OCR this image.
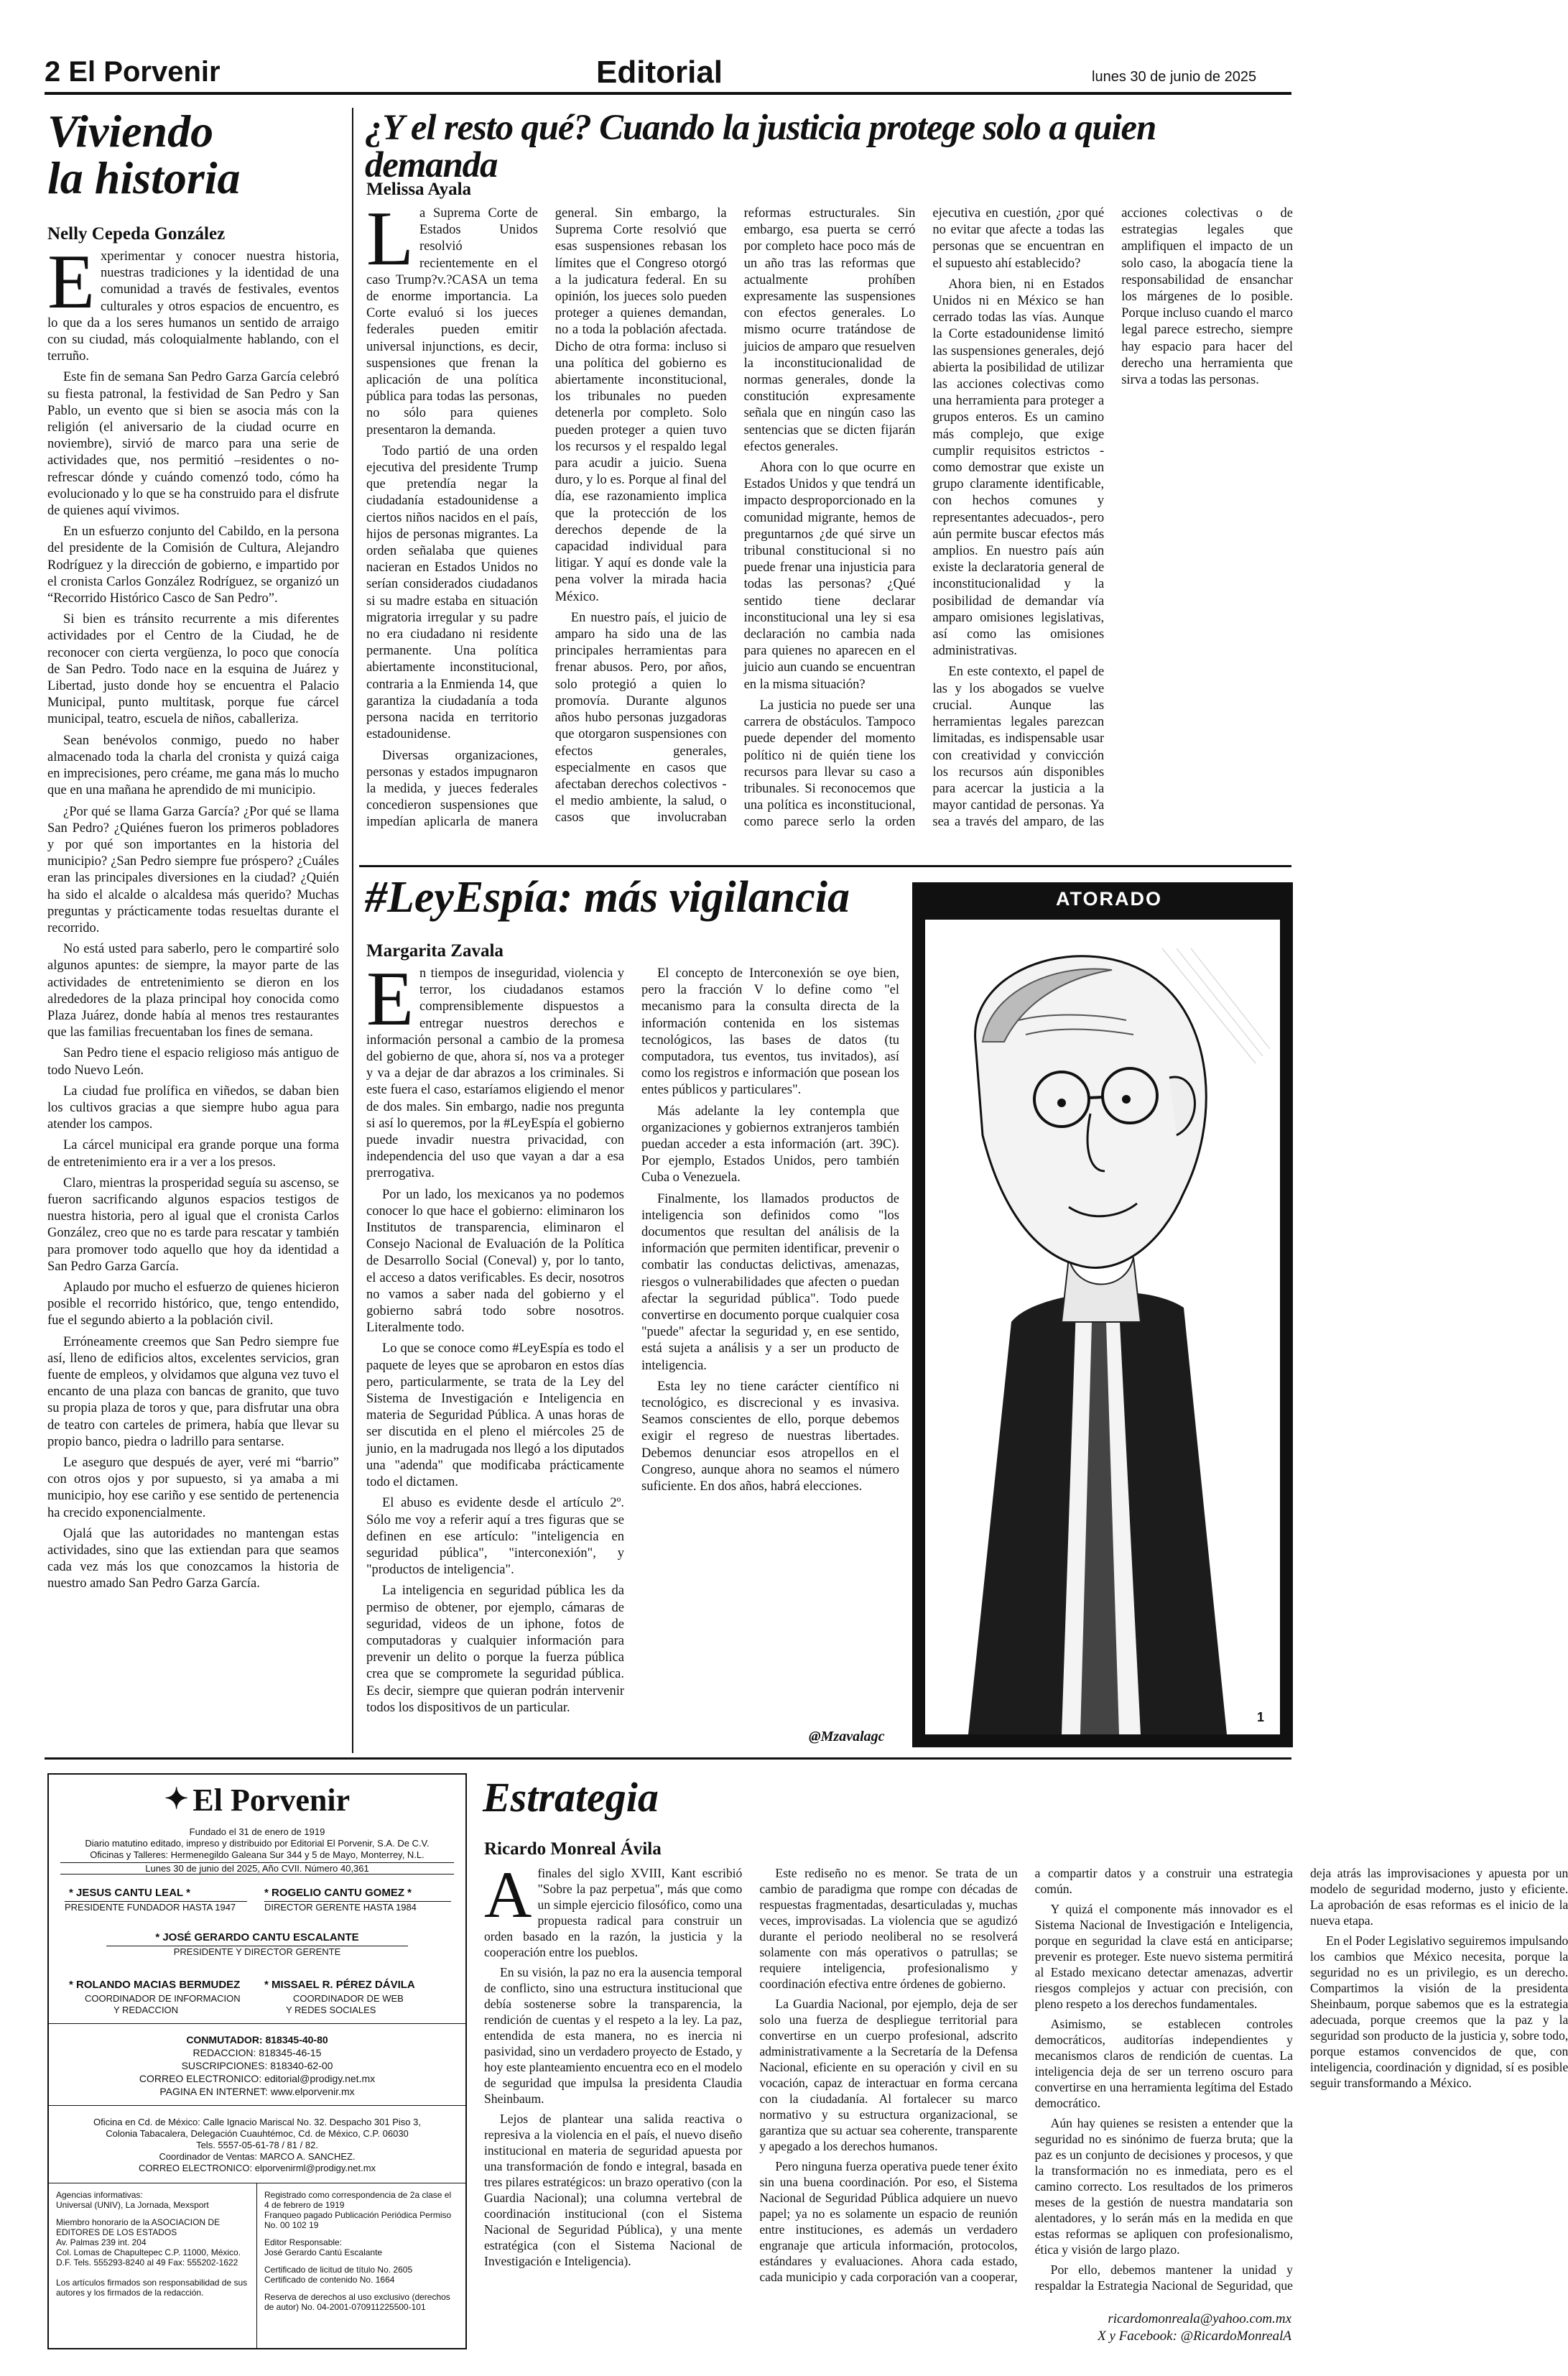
2 El Porvenir	Editorial	lunes 30 de junio de 2025
Viviendo
la historia
Nelly Cepeda González
E xperimentar y conocer nuestra historia, nuestras tradiciones y la identidad de una comunidad a través de festivales, eventos culturales y otros espacios de encuentro, es lo que da a los seres humanos un sentido de arraigo con su ciudad, más coloquialmente hablando, con el terruño.

Este fin de semana San Pedro Garza García celebró su fiesta patronal, la festividad de San Pedro y San Pablo, un evento que si bien se asocia más con la religión (el aniversario de la ciudad ocurre en noviembre), sirvió de marco para una serie de actividades que, nos permitió –residentes o no-refrescar dónde y cuándo comenzó todo, cómo ha evolucionado y lo que se ha construido para el disfrute de quienes aquí vivimos.

En un esfuerzo conjunto del Cabildo, en la persona del presidente de la Comisión de Cultura, Alejandro Rodríguez y la dirección de gobierno, e impartido por el cronista Carlos González Rodríguez, se organizó un “Recorrido Histórico Casco de San Pedro”.

Si bien es tránsito recurrente a mis diferentes actividades por el Centro de la Ciudad, he de reconocer con cierta vergüenza, lo poco que conocía de San Pedro. Todo nace en la esquina de Juárez y Libertad, justo donde hoy se encuentra el Palacio Municipal, punto multitask, porque fue cárcel municipal, teatro, escuela de niños, caballeriza.

Sean benévolos conmigo, puedo no haber almacenado toda la charla del cronista y quizá caiga en imprecisiones, pero créame, me gana más lo mucho que en una mañana he aprendido de mi municipio.

¿Por qué se llama Garza García? ¿Por qué se llama San Pedro? ¿Quiénes fueron los primeros pobladores y por qué son importantes en la historia del municipio? ¿San Pedro siempre fue próspero? ¿Cuáles eran las principales diversiones en la ciudad? ¿Quién ha sido el alcalde o alcaldesa más querido? Muchas preguntas y prácticamente todas resueltas durante el recorrido.

No está usted para saberlo, pero le compartiré solo algunos apuntes: de siempre, la mayor parte de las actividades de entretenimiento se dieron en los alrededores de la plaza principal hoy conocida como Plaza Juárez, donde había al menos tres restaurantes que las familias frecuentaban los fines de semana.

San Pedro tiene el espacio religioso más antiguo de todo Nuevo León.

La ciudad fue prolífica en viñedos, se daban bien los cultivos gracias a que siempre hubo agua para atender los campos.

La cárcel municipal era grande porque una forma de entretenimiento era ir a ver a los presos.

Claro, mientras la prosperidad seguía su ascenso, se fueron sacrificando algunos espacios testigos de nuestra historia, pero al igual que el cronista Carlos González, creo que no es tarde para rescatar y también para promover todo aquello que hoy da identidad a San Pedro Garza García.

Aplaudo por mucho el esfuerzo de quienes hicieron posible el recorrido histórico, que, tengo entendido, fue el segundo abierto a la población civil.

Erróneamente creemos que San Pedro siempre fue así, lleno de edificios altos, excelentes servicios, gran fuente de empleos, y olvidamos que alguna vez tuvo el encanto de una plaza con bancas de granito, que tuvo su propia plaza de toros y que, para disfrutar una obra de teatro con carteles de primera, había que llevar su propio banco, piedra o ladrillo para sentarse.

Le aseguro que después de ayer, veré mi “barrio” con otros ojos y por supuesto, si ya amaba a mi municipio, hoy ese cariño y ese sentido de pertenencia ha crecido exponencialmente.

Ojalá que las autoridades no mantengan estas actividades, sino que las extiendan para que seamos cada vez más los que conozcamos la historia de nuestro amado San Pedro Garza García.

¿Y el resto qué? Cuando la justicia protege solo a quien demanda
Melissa Ayala
L a Suprema Corte de Estados Unidos resolvió recientemente en el caso Trump?v.?CASA un tema de enorme importancia. La Corte evaluó si los jueces federales pueden emitir universal injunctions, es decir, suspensiones que frenan la aplicación de una política pública para todas las personas, no sólo para quienes presentaron la demanda.

Todo partió de una orden ejecutiva del presidente Trump que pretendía negar la ciudadanía estadounidense a ciertos niños nacidos en el país, hijos de personas migrantes. La orden señalaba que quienes nacieran en Estados Unidos no serían considerados ciudadanos si su madre estaba en situación migratoria irregular y su padre no era ciudadano ni residente permanente. Una política abiertamente inconstitucional, contraria a la Enmienda 14, que garantiza la ciudadanía a toda persona nacida en territorio estadounidense.

Diversas organizaciones, personas y estados impugnaron la medida, y jueces federales concedieron suspensiones que impedían aplicarla de manera general. Sin embargo, la Suprema Corte resolvió que esas suspensiones rebasan los límites que el Congreso otorgó a la judicatura federal. En su opinión, los jueces solo pueden proteger a quienes demandan, no a toda la población afectada. Dicho de otra forma: incluso si una política del gobierno es abiertamente inconstitucional, los tribunales no pueden detenerla por completo. Solo pueden proteger a quien tuvo los recursos y el respaldo legal para acudir a juicio. Suena duro, y lo es. Porque al final del día, ese razonamiento implica que la protección de los derechos depende de la capacidad individual para litigar. Y aquí es donde vale la pena volver la mirada hacia México.

En nuestro país, el juicio de amparo ha sido una de las principales herramientas para frenar abusos. Pero, por años, solo protegió a quien lo promovía. Durante algunos años hubo personas juzgadoras que otorgaron suspensiones con efectos generales, especialmente en casos que afectaban derechos colectivos - el medio ambiente, la salud, o casos que involucraban reformas estructurales. Sin embargo, esa puerta se cerró por completo hace poco más de un año tras las reformas que actualmente prohíben expresamente las suspensiones con efectos generales. Lo mismo ocurre tratándose de juicios de amparo que resuelven la inconstitucionalidad de normas generales, donde la constitución expresamente señala que en ningún caso las sentencias que se dicten fijarán efectos generales.

Ahora con lo que ocurre en Estados Unidos y que tendrá un impacto desproporcionado en la comunidad migrante, hemos de preguntarnos ¿de qué sirve un tribunal constitucional si no puede frenar una injusticia para todas las personas? ¿Qué sentido tiene declarar inconstitucional una ley si esa declaración no cambia nada para quienes no aparecen en el juicio aun cuando se encuentran en la misma situación?

La justicia no puede ser una carrera de obstáculos. Tampoco puede depender del momento político ni de quién tiene los recursos para llevar su caso a tribunales. Si reconocemos que una política es inconstitucional, como parece serlo la orden ejecutiva en cuestión, ¿por qué no evitar que afecte a todas las personas que se encuentran en el supuesto ahí establecido?

Ahora bien, ni en Estados Unidos ni en México se han cerrado todas las vías. Aunque la Corte estadounidense limitó las suspensiones generales, dejó abierta la posibilidad de utilizar las acciones colectivas como una herramienta para proteger a grupos enteros. Es un camino más complejo, que exige cumplir requisitos estrictos -como demostrar que existe un grupo claramente identificable, con hechos comunes y representantes adecuados-, pero aún permite buscar efectos más amplios. En nuestro país aún existe la declaratoria general de inconstitucionalidad y la posibilidad de demandar vía amparo omisiones legislativas, así como las omisiones administrativas.

En este contexto, el papel de las y los abogados se vuelve crucial. Aunque las herramientas legales parezcan limitadas, es indispensable usar con creatividad y convicción los recursos aún disponibles para acercar la justicia a la mayor cantidad de personas. Ya sea a través del amparo, de las acciones colectivas o de estrategias legales que amplifiquen el impacto de un solo caso, la abogacía tiene la responsabilidad de ensanchar los márgenes de lo posible. Porque incluso cuando el marco legal parece estrecho, siempre hay espacio para hacer del derecho una herramienta que sirva a todas las personas.

#LeyEspía: más vigilancia
Margarita Zavala
E n tiempos de inseguridad, violencia y terror, los ciudadanos estamos comprensiblemente dispuestos a entregar nuestros derechos e información personal a cambio de la promesa del gobierno de que, ahora sí, nos va a proteger y va a dejar de dar abrazos a los criminales. Si este fuera el caso, estaríamos eligiendo el menor de dos males. Sin embargo, nadie nos pregunta si así lo queremos, por la #LeyEspía el gobierno puede invadir nuestra privacidad, con independencia del uso que vayan a dar a esa prerrogativa.

Por un lado, los mexicanos ya no podemos conocer lo que hace el gobierno: eliminaron los Institutos de transparencia, eliminaron el Consejo Nacional de Evaluación de la Política de Desarrollo Social (Coneval) y, por lo tanto, el acceso a datos verificables. Es decir, nosotros no vamos a saber nada del gobierno y el gobierno sabrá todo sobre nosotros. Literalmente todo.

Lo que se conoce como #LeyEspía es todo el paquete de leyes que se aprobaron en estos días pero, particularmente, se trata de la Ley del Sistema de Investigación e Inteligencia en materia de Seguridad Pública. A unas horas de ser discutida en el pleno el miércoles 25 de junio, en la madrugada nos llegó a los diputados una "adenda" que modificaba prácticamente todo el dictamen.

El abuso es evidente desde el artículo 2º. Sólo me voy a referir aquí a tres figuras que se definen en ese artículo: "inteligencia en seguridad pública", "interconexión", y "productos de inteligencia".

La inteligencia en seguridad pública les da permiso de obtener, por ejemplo, cámaras de seguridad, videos de un iphone, fotos de computadoras y cualquier información para prevenir un delito o porque la fuerza pública crea que se compromete la seguridad pública. Es decir, siempre que quieran podrán intervenir todos los dispositivos de un particular.

El concepto de Interconexión se oye bien, pero la fracción V lo define como "el mecanismo para la consulta directa de la información contenida en los sistemas tecnológicos, las bases de datos (tu computadora, tus eventos, tus invitados), así como los registros e información que posean los entes públicos y particulares".

Más adelante la ley contempla que organizaciones y gobiernos extranjeros también puedan acceder a esta información (art. 39C). Por ejemplo, Estados Unidos, pero también Cuba o Venezuela.

Finalmente, los llamados productos de inteligencia son definidos como "los documentos que resultan del análisis de la información que permiten identificar, prevenir o combatir las conductas delictivas, amenazas, riesgos o vulnerabilidades que afecten o puedan afectar la seguridad pública". Todo puede convertirse en documento porque cualquier cosa "puede" afectar la seguridad y, en ese sentido, está sujeta a análisis y a ser un producto de inteligencia.

Esta ley no tiene carácter científico ni tecnológico, es discrecional y es invasiva. Seamos conscientes de ello, porque debemos exigir el regreso de nuestras libertades. Debemos denunciar esos atropellos en el Congreso, aunque ahora no seamos el número suficiente. En dos años, habrá elecciones.

ATORADO
1
@Mzavalagc
✦ El Porvenir
Fundado el 31 de enero de 1919
Diario matutino editado, impreso y distribuido por Editorial El Porvenir, S.A. De C.V.
Oficinas y Talleres: Hermenegildo Galeana Sur 344 y 5 de Mayo, Monterrey, N.L.
Lunes 30 de junio del 2025, Año CVII. Número 40,361
* JESUS CANTU LEAL *
PRESIDENTE FUNDADOR HASTA 1947
* ROGELIO CANTU GOMEZ *
DIRECTOR GERENTE HASTA 1984
* JOSÉ GERARDO CANTU ESCALANTE
PRESIDENTE Y DIRECTOR GERENTE
* ROLANDO MACIAS BERMUDEZ
COORDINADOR DE INFORMACION
Y REDACCION
* MISSAEL R. PÉREZ DÁVILA
COORDINADOR DE WEB
Y REDES SOCIALES
CONMUTADOR: 818345-40-80
REDACCION: 818345-46-15
SUSCRIPCIONES: 818340-62-00
CORREO ELECTRONICO: editorial@prodigy.net.mx
PAGINA EN INTERNET: www.elporvenir.mx
Oficina en Cd. de México: Calle Ignacio Mariscal No. 32. Despacho 301 Piso 3,
Colonia Tabacalera, Delegación Cuauhtémoc, Cd. de México, C.P. 06030
Tels. 5557-05-61-78 / 81 / 82.
Coordinador de Ventas: MARCO A. SANCHEZ.
CORREO ELECTRONICO: elporvenirml@prodigy.net.mx
Agencias informativas:
Universal (UNIV), La Jornada, Mexsport
Miembro honorario de la ASOCIACION DE EDITORES DE LOS ESTADOS
Av. Palmas 239 int. 204
Col. Lomas de Chapultepec C.P. 11000, México. D.F. Tels. 555293-8240 al 49 Fax: 555202-1622
Los artículos firmados son responsabilidad de sus autores y los firmados de la redacción.
Registrado como correspondencia de 2a clase el 4 de febrero de 1919
Franqueo pagado Publicación Periódica Permiso No. 00 102 19
Editor Responsable:
José Gerardo Cantú Escalante
Certificado de licitud de título No. 2605
Certificado de contenido No. 1664
Reserva de derechos al uso exclusivo (derechos de autor) No. 04-2001-070911225500-101
Estrategia
Ricardo Monreal Ávila
A finales del siglo XVIII, Kant escribió "Sobre la paz perpetua", más que como un simple ejercicio filosófico, como una propuesta radical para construir un orden basado en la razón, la justicia y la cooperación entre los pueblos.

En su visión, la paz no era la ausencia temporal de conflicto, sino una estructura institucional que debía sostenerse sobre la transparencia, la rendición de cuentas y el respeto a la ley. La paz, entendida de esta manera, no es inercia ni pasividad, sino un verdadero proyecto de Estado, y hoy este planteamiento encuentra eco en el modelo de seguridad que impulsa la presidenta Claudia Sheinbaum.

Lejos de plantear una salida reactiva o represiva a la violencia en el país, el nuevo diseño institucional en materia de seguridad apuesta por una transformación de fondo e integral, basada en tres pilares estratégicos: un brazo operativo (con la Guardia Nacional); una columna vertebral de coordinación institucional (con el Sistema Nacional de Seguridad Pública), y una mente estratégica (con el Sistema Nacional de Investigación e Inteligencia).

Este rediseño no es menor. Se trata de un cambio de paradigma que rompe con décadas de respuestas fragmentadas, desarticuladas y, muchas veces, improvisadas. La violencia que se agudizó durante el periodo neoliberal no se resolverá solamente con más operativos o patrullas; se requiere inteligencia, profesionalismo y coordinación efectiva entre órdenes de gobierno.

La Guardia Nacional, por ejemplo, deja de ser solo una fuerza de despliegue territorial para convertirse en un cuerpo profesional, adscrito administrativamente a la Secretaría de la Defensa Nacional, eficiente en su operación y civil en su vocación, capaz de interactuar en forma cercana con la ciudadanía. Al fortalecer su marco normativo y su estructura organizacional, se garantiza que su actuar sea coherente, transparente y apegado a los derechos humanos.

Pero ninguna fuerza operativa puede tener éxito sin una buena coordinación. Por eso, el Sistema Nacional de Seguridad Pública adquiere un nuevo papel; ya no es solamente un espacio de reunión entre instituciones, es además un verdadero engranaje que articula información, protocolos, estándares y evaluaciones. Ahora cada estado, cada municipio y cada corporación van a cooperar, a compartir datos y a construir una estrategia común.

Y quizá el componente más innovador es el Sistema Nacional de Investigación e Inteligencia, porque en seguridad la clave está en anticiparse; prevenir es proteger. Este nuevo sistema permitirá al Estado mexicano detectar amenazas, advertir riesgos complejos y actuar con precisión, con pleno respeto a los derechos fundamentales.

Asimismo, se establecen controles democráticos, auditorías independientes y mecanismos claros de rendición de cuentas. La inteligencia deja de ser un terreno oscuro para convertirse en una herramienta legítima del Estado democrático.

Aún hay quienes se resisten a entender que la seguridad no es sinónimo de fuerza bruta; que la paz es un conjunto de decisiones y procesos, y que la transformación no es inmediata, pero es el camino correcto. Los resultados de los primeros meses de la gestión de nuestra mandataria son alentadores, y lo serán más en la medida en que estas reformas se apliquen con profesionalismo, ética y visión de largo plazo.

Por ello, debemos mantener la unidad y respaldar la Estrategia Nacional de Seguridad, que deja atrás las improvisaciones y apuesta por un modelo de seguridad moderno, justo y eficiente. La aprobación de esas reformas es el inicio de la nueva etapa.

En el Poder Legislativo seguiremos impulsando los cambios que México necesita, porque la seguridad no es un privilegio, es un derecho. Compartimos la visión de la presidenta Sheinbaum, porque sabemos que es la estrategia adecuada, porque creemos que la paz y la seguridad son producto de la justicia y, sobre todo, porque estamos convencidos de que, con inteligencia, coordinación y dignidad, sí es posible seguir transformando a México.

ricardomonreala@yahoo.com.mx
X y Facebook: @RicardoMonrealA
